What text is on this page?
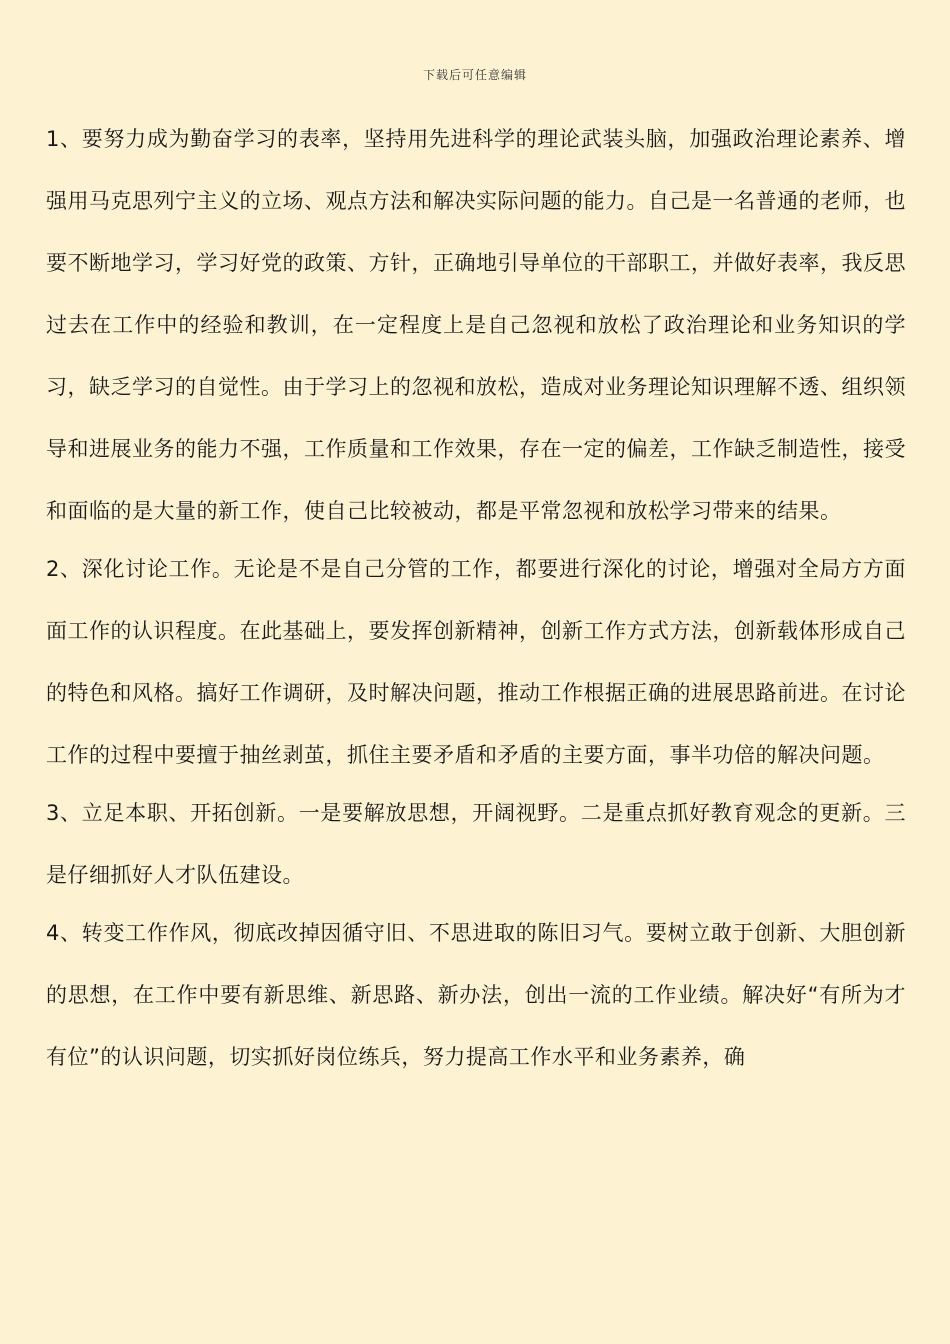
下载后可任意编辑

1、要努力成为勤奋学习的表率，坚持用先进科学的理论武装头脑，加强政治理论素养、增强用马克思列宁主义的立场、观点方法和解决实际问题的能力。自己是一名普通的老师，也要不断地学习，学习好党的政策、方针，正确地引导单位的干部职工，并做好表率，我反思过去在工作中的经验和教训，在一定程度上是自己忽视和放松了政治理论和业务知识的学习，缺乏学习的自觉性。由于学习上的忽视和放松，造成对业务理论知识理解不透、组织领导和进展业务的能力不强，工作质量和工作效果，存在一定的偏差，工作缺乏制造性，接受和面临的是大量的新工作，使自己比较被动，都是平常忽视和放松学习带来的结果。

2、深化讨论工作。无论是不是自己分管的工作，都要进行深化的讨论，增强对全局方方面面工作的认识程度。在此基础上，要发挥创新精神，创新工作方式方法，创新载体形成自己的特色和风格。搞好工作调研，及时解决问题，推动工作根据正确的进展思路前进。在讨论工作的过程中要擅于抽丝剥茧，抓住主要矛盾和矛盾的主要方面，事半功倍的解决问题。

3、立足本职、开拓创新。一是要解放思想，开阔视野。二是重点抓好教育观念的更新。三是仔细抓好人才队伍建设。

4、转变工作作风，彻底改掉因循守旧、不思进取的陈旧习气。要树立敢于创新、大胆创新的思想，在工作中要有新思维、新思路、新办法，创出一流的工作业绩。解决好“有所为才有位”的认识问题，切实抓好岗位练兵，努力提高工作水平和业务素养，确
